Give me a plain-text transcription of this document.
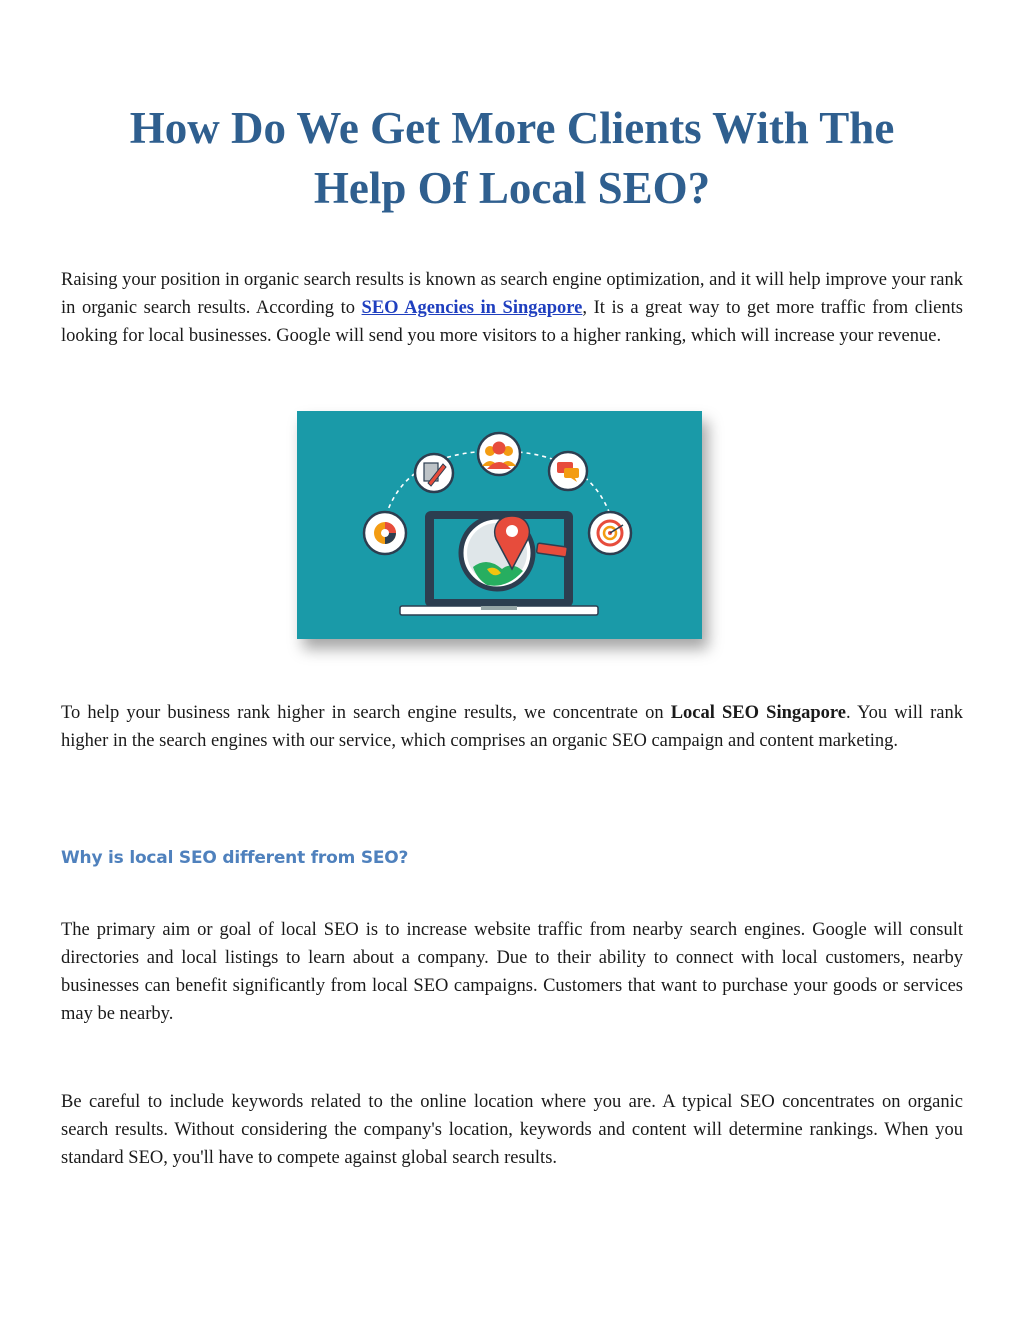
How Do We Get More Clients With The
Help Of Local SEO?

Raising your position in organic search results is known as search engine optimization, and it will help improve your rank in organic search results. According to SEO Agencies in Singapore, It is a great way to get more traffic from clients looking for local businesses. Google will send you more visitors to a higher ranking, which will increase your revenue.

To help your business rank higher in search engine results, we concentrate on Local SEO Singapore. You will rank higher in the search engines with our service, which comprises an organic SEO campaign and content marketing.

Why is local SEO different from SEO?

The primary aim or goal of local SEO is to increase website traffic from nearby search engines. Google will consult directories and local listings to learn about a company. Due to their ability to connect with local customers, nearby businesses can benefit significantly from local SEO campaigns. Customers that want to purchase your goods or services may be nearby.

Be careful to include keywords related to the online location where you are. A typical SEO concentrates on organic search results. Without considering the company's location, keywords and content will determine rankings. When you standard SEO, you'll have to compete against global search results.
